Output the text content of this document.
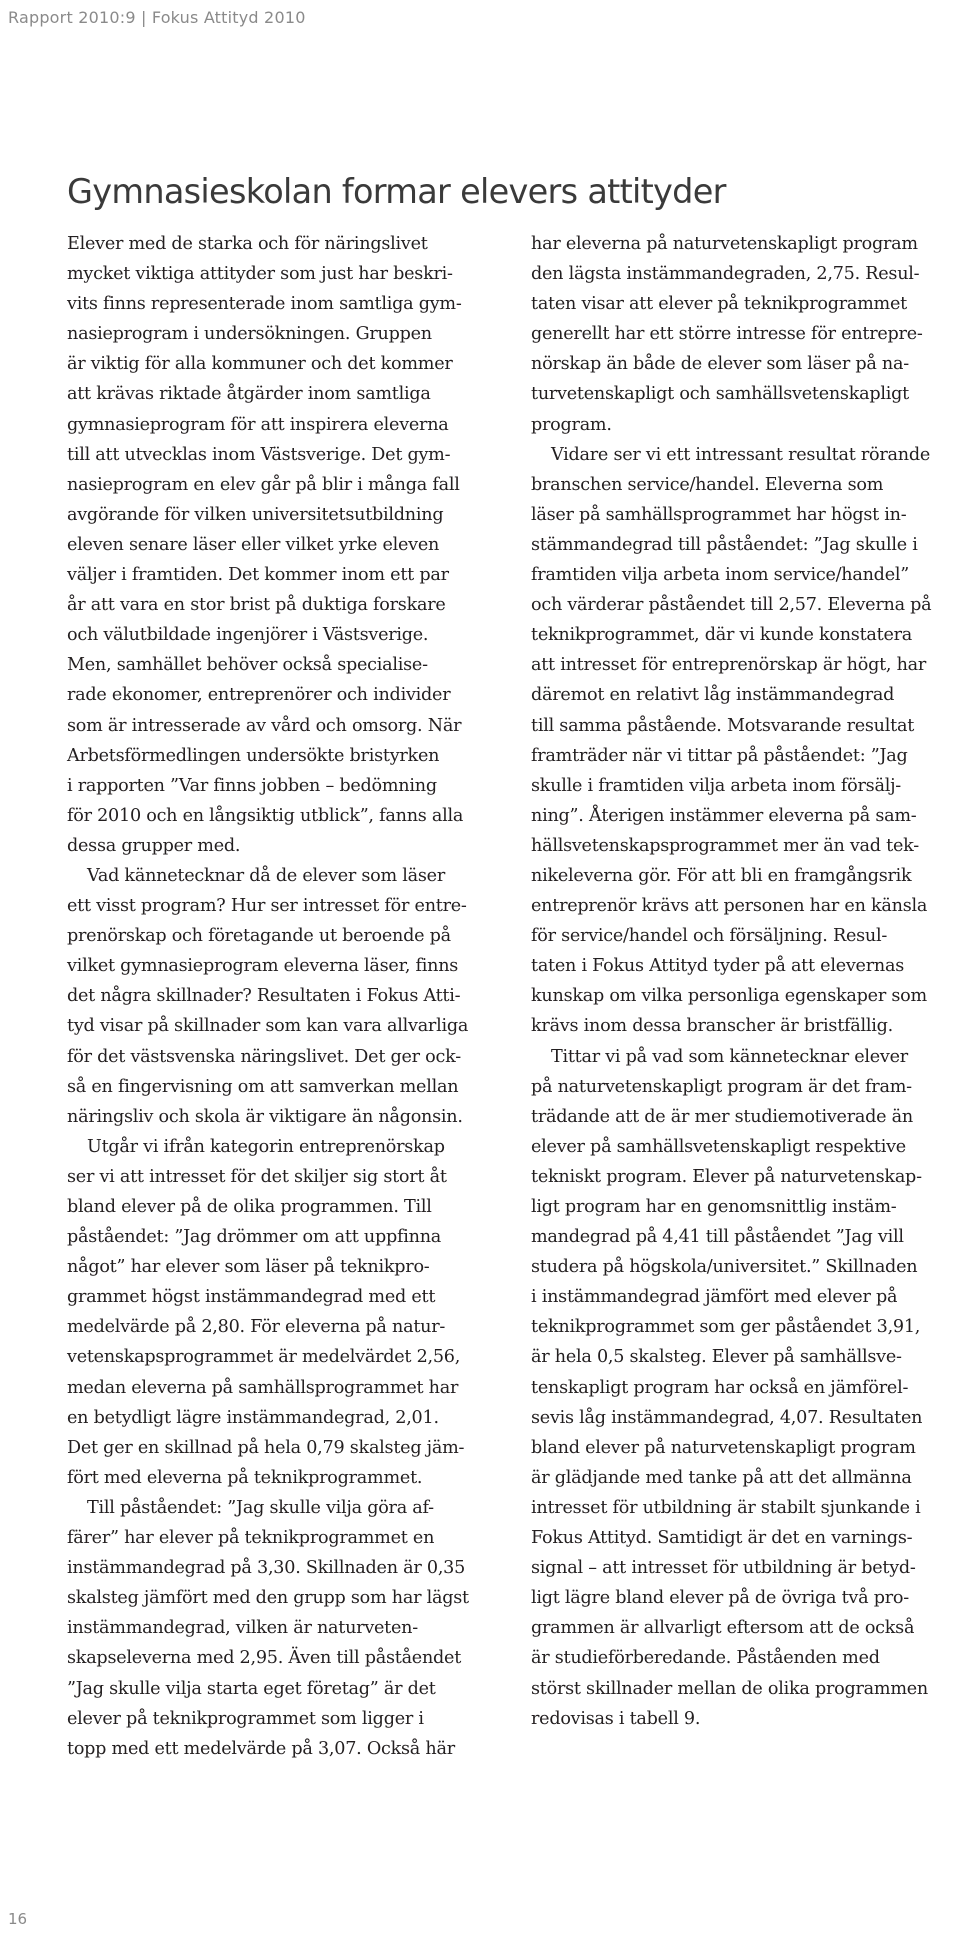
Rapport 2010:9 | Fokus Attityd 2010
Gymnasieskolan formar elevers attityder
Elever med de starka och för näringslivet
mycket viktiga attityder som just har beskri-
vits finns representerade inom samtliga gym-
nasieprogram i undersökningen. Gruppen
är viktig för alla kommuner och det kommer
att krävas riktade åtgärder inom samtliga
gymnasieprogram för att inspirera eleverna
till att utvecklas inom Västsverige. Det gym-
nasieprogram en elev går på blir i många fall
avgörande för vilken universitetsutbildning
eleven senare läser eller vilket yrke eleven
väljer i framtiden. Det kommer inom ett par
år att vara en stor brist på duktiga forskare
och välutbildade ingenjörer i Västsverige.
Men, samhället behöver också specialise-
rade ekonomer, entreprenörer och individer
som är intresserade av vård och omsorg. När
Arbetsförmedlingen undersökte bristyrken
i rapporten ”Var finns jobben – bedömning
för 2010 och en långsiktig utblick”, fanns alla
dessa grupper med.
Vad kännetecknar då de elever som läser
ett visst program? Hur ser intresset för entre-
prenörskap och företagande ut beroende på
vilket gymnasieprogram eleverna läser, finns
det några skillnader? Resultaten i Fokus Atti-
tyd visar på skillnader som kan vara allvarliga
för det västsvenska näringslivet. Det ger ock-
så en fingervisning om att samverkan mellan
näringsliv och skola är viktigare än någonsin.
Utgår vi ifrån kategorin entreprenörskap
ser vi att intresset för det skiljer sig stort åt
bland elever på de olika programmen. Till
påståendet: ”Jag drömmer om att uppfinna
något” har elever som läser på teknikpro-
grammet högst instämmandegrad med ett
medelvärde på 2,80. För eleverna på natur-
vetenskapsprogrammet är medelvärdet 2,56,
medan eleverna på samhällsprogrammet har
en betydligt lägre instämmandegrad, 2,01.
Det ger en skillnad på hela 0,79 skalsteg jäm-
fört med eleverna på teknikprogrammet.
Till påståendet: ”Jag skulle vilja göra af-
färer” har elever på teknikprogrammet en
instämmandegrad på 3,30. Skillnaden är 0,35
skalsteg jämfört med den grupp som har lägst
instämmandegrad, vilken är naturveten-
skapseleverna med 2,95. Även till påståendet
”Jag skulle vilja starta eget företag” är det
elever på teknikprogrammet som ligger i
topp med ett medelvärde på 3,07. Också här
har eleverna på naturvetenskapligt program
den lägsta instämmandegraden, 2,75. Resul-
taten visar att elever på teknikprogrammet
generellt har ett större intresse för entrepre-
nörskap än både de elever som läser på na-
turvetenskapligt och samhällsvetenskapligt
program.
Vidare ser vi ett intressant resultat rörande
branschen service/handel. Eleverna som
läser på samhällsprogrammet har högst in-
stämmandegrad till påståendet: ”Jag skulle i
framtiden vilja arbeta inom service/handel”
och värderar påståendet till 2,57. Eleverna på
teknikprogrammet, där vi kunde konstatera
att intresset för entreprenörskap är högt, har
däremot en relativt låg instämmandegrad
till samma påstående. Motsvarande resultat
framträder när vi tittar på påståendet: ”Jag
skulle i framtiden vilja arbeta inom försälj-
ning”. Återigen instämmer eleverna på sam-
hällsvetenskapsprogrammet mer än vad tek-
nikeleverna gör. För att bli en framgångsrik
entreprenör krävs att personen har en känsla
för service/handel och försäljning. Resul-
taten i Fokus Attityd tyder på att elevernas
kunskap om vilka personliga egenskaper som
krävs inom dessa branscher är bristfällig.
Tittar vi på vad som kännetecknar elever
på naturvetenskapligt program är det fram-
trädande att de är mer studiemotiverade än
elever på samhällsvetenskapligt respektive
tekniskt program. Elever på naturvetenskap-
ligt program har en genomsnittlig instäm-
mandegrad på 4,41 till påståendet ”Jag vill
studera på högskola/universitet.” Skillnaden
i instämmandegrad jämfört med elever på
teknikprogrammet som ger påståendet 3,91,
är hela 0,5 skalsteg. Elever på samhällsve-
tenskapligt program har också en jämförel-
sevis låg instämmandegrad, 4,07. Resultaten
bland elever på naturvetenskapligt program
är glädjande med tanke på att det allmänna
intresset för utbildning är stabilt sjunkande i
Fokus Attityd. Samtidigt är det en varnings-
signal – att intresset för utbildning är betyd-
ligt lägre bland elever på de övriga två pro-
grammen är allvarligt eftersom att de också
är studieförberedande. Påståenden med
störst skillnader mellan de olika programmen
redovisas i tabell 9.
16
